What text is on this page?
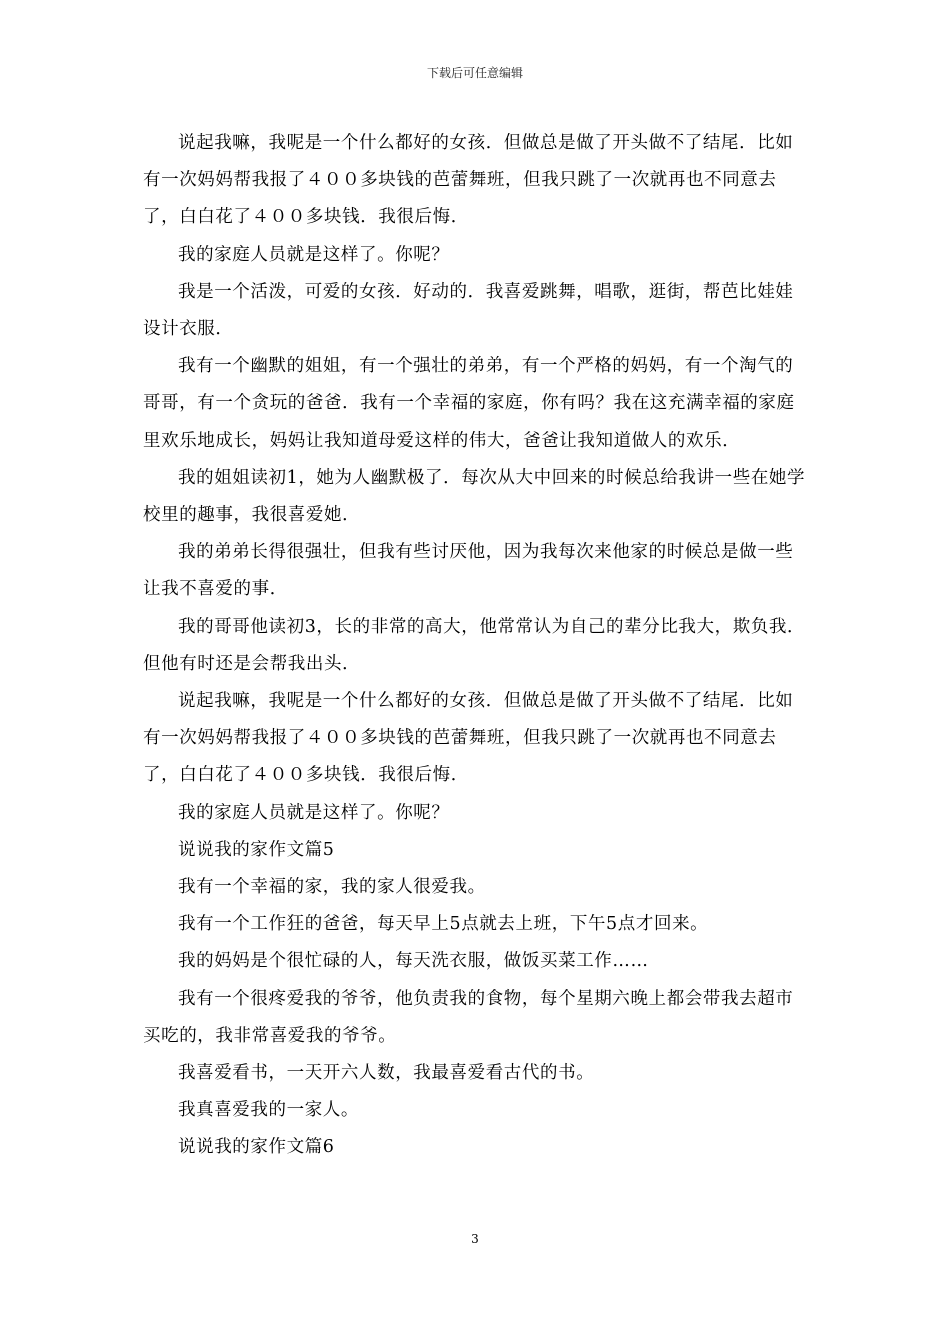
下载后可任意编辑

说起我嘛，我呢是一个什么都好的女孩．但做总是做了开头做不了结尾．比如有一次妈妈帮我报了４００多块钱的芭蕾舞班，但我只跳了一次就再也不同意去了，白白花了４００多块钱．我很后悔．

我的家庭人员就是这样了。你呢？

我是一个活泼，可爱的女孩．好动的．我喜爱跳舞，唱歌，逛街，帮芭比娃娃设计衣服．

我有一个幽默的姐姐，有一个强壮的弟弟，有一个严格的妈妈，有一个淘气的哥哥，有一个贪玩的爸爸．我有一个幸福的家庭，你有吗？我在这充满幸福的家庭里欢乐地成长，妈妈让我知道母爱这样的伟大，爸爸让我知道做人的欢乐．

我的姐姐读初1，她为人幽默极了．每次从大中回来的时候总给我讲一些在她学校里的趣事，我很喜爱她．

我的弟弟长得很强壮，但我有些讨厌他，因为我每次来他家的时候总是做一些让我不喜爱的事．

我的哥哥他读初3，长的非常的高大，他常常认为自己的辈分比我大，欺负我．但他有时还是会帮我出头．

说起我嘛，我呢是一个什么都好的女孩．但做总是做了开头做不了结尾．比如有一次妈妈帮我报了４００多块钱的芭蕾舞班，但我只跳了一次就再也不同意去了，白白花了４００多块钱．我很后悔．

我的家庭人员就是这样了。你呢？

说说我的家作文篇5

我有一个幸福的家，我的家人很爱我。

我有一个工作狂的爸爸，每天早上5点就去上班，下午5点才回来。

我的妈妈是个很忙碌的人，每天洗衣服，做饭买菜工作……

我有一个很疼爱我的爷爷，他负责我的食物，每个星期六晚上都会带我去超市买吃的，我非常喜爱我的爷爷。

我喜爱看书，一天开六人数，我最喜爱看古代的书。

我真喜爱我的一家人。

说说我的家作文篇6

3
